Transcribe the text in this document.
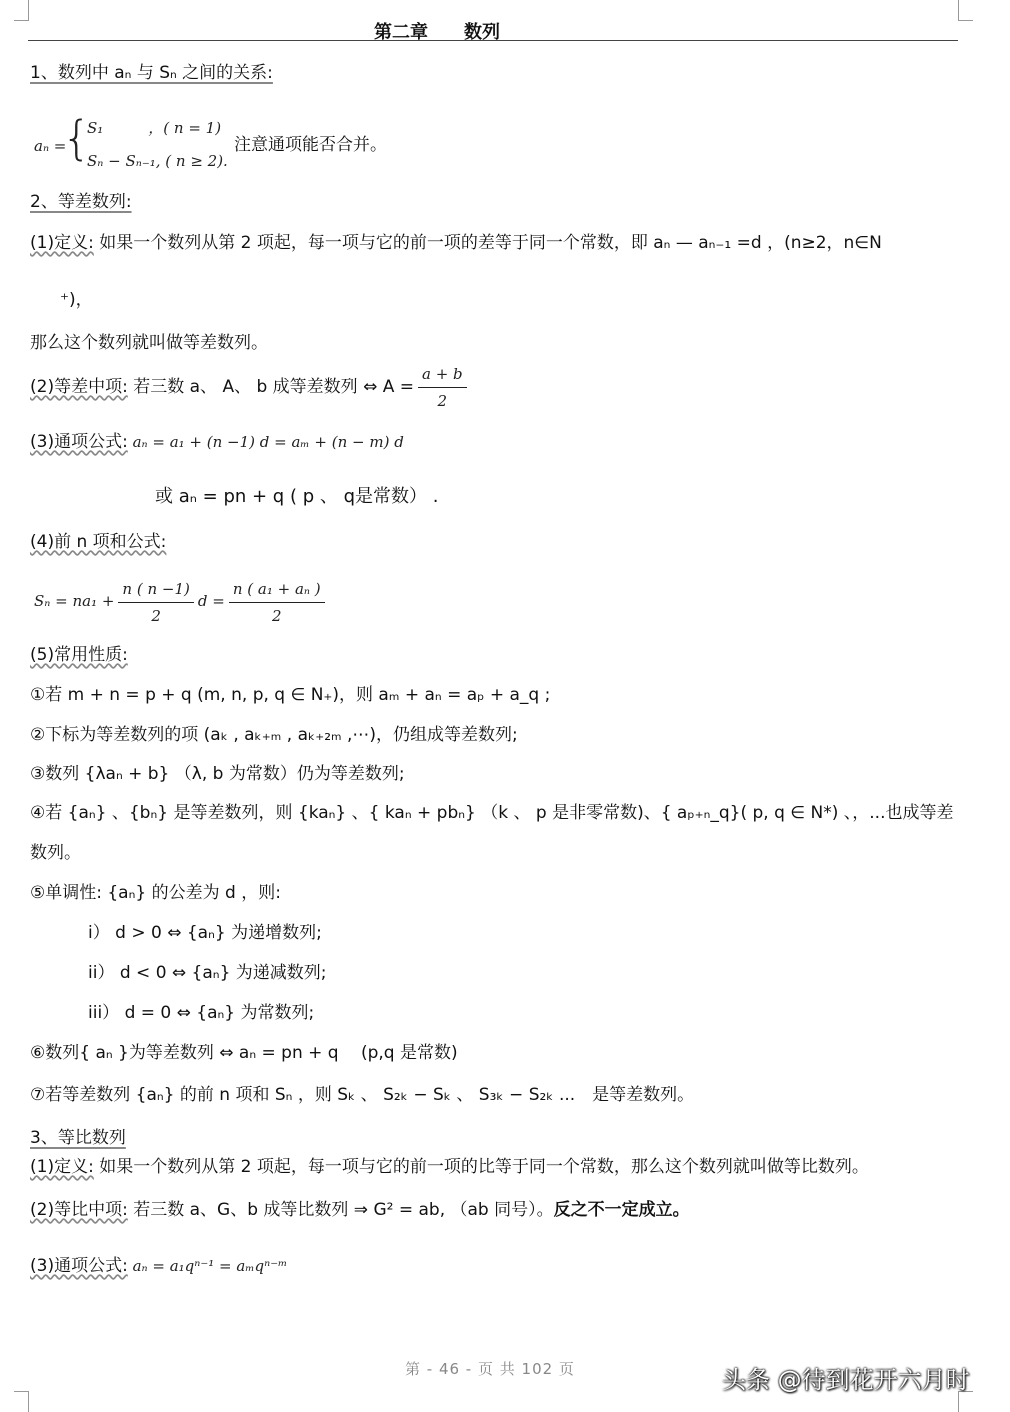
第二章　　数列
1、数列中 aₙ 与 Sₙ 之间的关系:
aₙ =
{
S₁　　　，( n = 1)
Sₙ − Sₙ₋₁, ( n ≥ 2).
注意通项能否合并。
2、等差数列:
(1)定义: 如果一个数列从第 2 项起，每一项与它的前一项的差等于同一个常数，即 aₙ — aₙ₋₁ =d ，(n≥2，n∈N
⁺)，
那么这个数列就叫做等差数列。
(2)等差中项: 若三数 a、 A、 b 成等差数列 ⇔ $A = \frac{a + b}{2}$
(3)通项公式: aₙ = a₁ + (n −1) d = aₘ + (n − m) d
或 aₙ = pn + q ( p 、 q是常数） .
(4)前 n 项和公式:
$S_n = na_1 + \frac{n ( n -1)}{2}$ $d = \frac{\text{n ( a₁ + aₙ )}}{2}$
(5)常用性质:
①若 m + n = p + q (m, n, p, q ∈ N₊)，则 aₘ + aₙ = aₚ + a_q ;
②下标为等差数列的项 (aₖ , aₖ₊ₘ , aₖ₊₂ₘ ,⋯)，仍组成等差数列;
③数列 {λaₙ + b} （λ, b 为常数）仍为等差数列;
④若 {aₙ} 、{bₙ} 是等差数列，则 {kaₙ} 、{ kaₙ + pbₙ} （k 、 p 是非零常数)、{ aₚ₊ₙ_q}( p, q ∈ N*) 、，...也成等差
数列。
⑤单调性: {aₙ} 的公差为 d ，则:
i） d > 0 ⇔ {aₙ} 为递增数列;
ii） d < 0 ⇔ {aₙ} 为递减数列;
iii） d = 0 ⇔ {aₙ} 为常数列;
⑥数列{ aₙ }为等差数列 ⇔ aₙ = pn + q 　(p,q 是常数)
⑦若等差数列 {aₙ} 的前 n 项和 Sₙ ，则 Sₖ 、 S₂ₖ − Sₖ 、 S₃ₖ − S₂ₖ ...　是等差数列。
3、等比数列
(1)定义: 如果一个数列从第 2 项起，每一项与它的前一项的比等于同一个常数，那么这个数列就叫做等比数列。
(2)等比中项: 若三数 a、G、b 成等比数列 ⇒ G² = ab, （ab 同号）。反之不一定成立。
(3)通项公式: aₙ = a₁qⁿ⁻¹ = aₘqⁿ⁻ᵐ
第 - 46 - 页 共 102 页	头条 @待到花开六月时
